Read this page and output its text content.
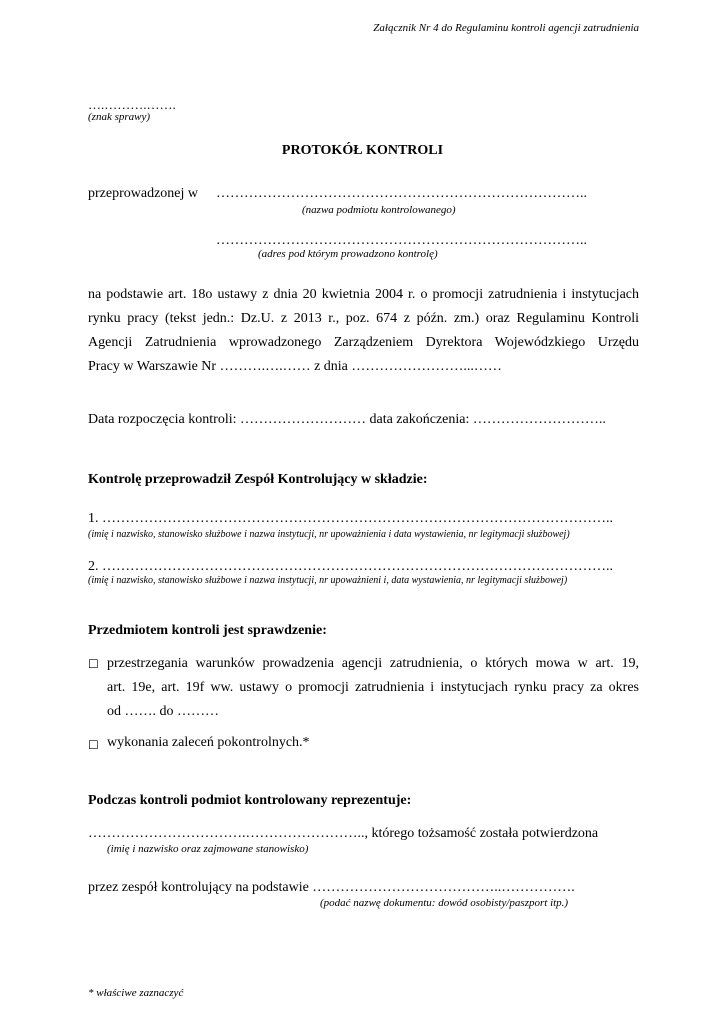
Załącznik Nr 4 do Regulaminu kontroli agencji zatrudnienia
….……….…….
(znak sprawy)
PROTOKÓŁ KONTROLI
przeprowadzonej w ……………………………………………………………………..
(nazwa podmiotu kontrolowanego)
……………………………………………………………………..
(adres pod którym prowadzono kontrolę)

na podstawie art. 18o ustawy z dnia 20 kwietnia 2004 r. o promocji zatrudnienia i instytucjach

rynku pracy (tekst jedn.: Dz.U. z 2013 r., poz. 674 z późn. zm.) oraz Regulaminu Kontroli

Agencji Zatrudnienia wprowadzonego Zarządzeniem Dyrektora Wojewódzkiego Urzędu

Pracy w Warszawie Nr ……….….…… z dnia ……………………...……

Data rozpoczęcia kontroli: ……………………… data zakończenia: ………………………..
Kontrolę przeprowadził Zespół Kontrolujący w składzie:
1. ………………………………………………………………………………………………..
(imię i nazwisko, stanowisko służbowe i nazwa instytucji, nr upoważnienia i data wystawienia, nr legitymacji służbowej)
2. ………………………………………………………………………………………………..
(imię i nazwisko, stanowisko służbowe i nazwa instytucji, nr upoważnieni i, data wystawienia, nr legitymacji służbowej)
Przedmiotem kontroli jest sprawdzenie:
☐ przestrzegania warunków prowadzenia agencji zatrudnienia, o których mowa w art. 19,

art. 19e, art. 19f ww. ustawy o promocji zatrudnienia i instytucjach rynku pracy za okres

od ……. do ………

☐ wykonania zaleceń pokontrolnych.*
Podczas kontroli podmiot kontrolowany reprezentuje:
…………………………….…………………….., którego tożsamość została potwierdzona
(imię i nazwisko oraz zajmowane stanowisko)
przez zespół kontrolujący na podstawie …………………………………..…………….
(podać nazwę dokumentu: dowód osobisty/paszport itp.)
* właściwe zaznaczyć
